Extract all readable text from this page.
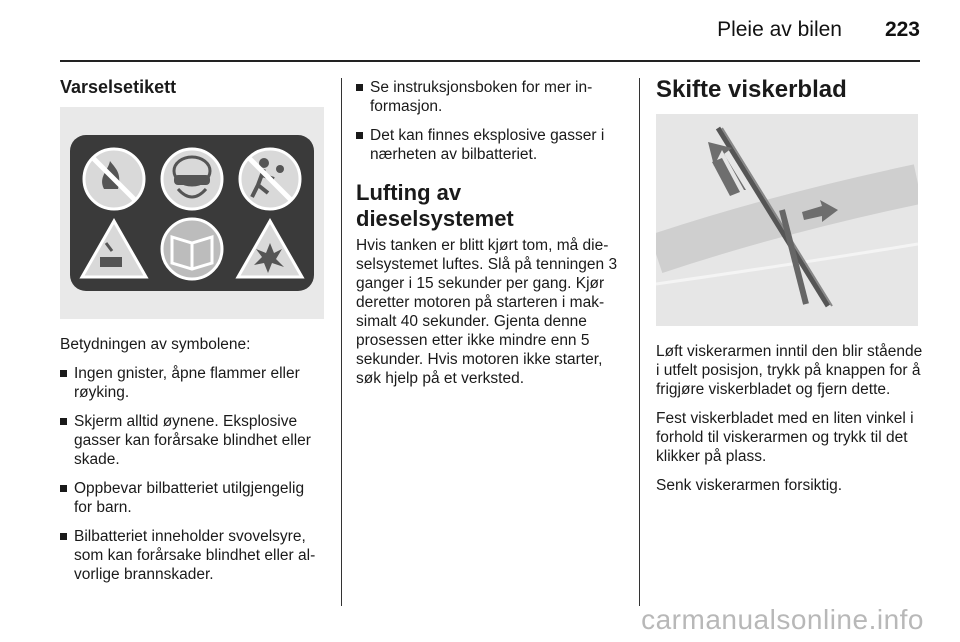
Pleie av bilen 223
Varselsetikett

Betydningen av symbolene:

Ingen gnister, åpne flammer eller røyking.
Skjerm alltid øynene. Eksplosive gasser kan forårsake blindhet eller skade.
Oppbevar bilbatteriet utilgjengelig for barn.
Bilbatteriet inneholder svovelsyre, som kan forårsake blindhet eller alvorlige brannskader.
Se instruksjonsboken for mer informasjon.
Det kan finnes eksplosive gasser i nærheten av bilbatteriet.
Lufting av dieselsystemet

Hvis tanken er blitt kjørt tom, må dieselsystemet luftes. Slå på tenningen 3 ganger i 15 sekunder per gang. Kjør deretter motoren på starteren i maksimalt 40 sekunder. Gjenta denne prosessen etter ikke mindre enn 5 sekunder. Hvis motoren ikke starter, søk hjelp på et verksted.

Skifte viskerblad

Løft viskerarmen inntil den blir stående i utfelt posisjon, trykk på knappen for å frigjøre viskerbladet og fjern dette.

Fest viskerbladet med en liten vinkel i forhold til viskerarmen og trykk til det klikker på plass.

Senk viskerarmen forsiktig.

carmanualsonline.info
